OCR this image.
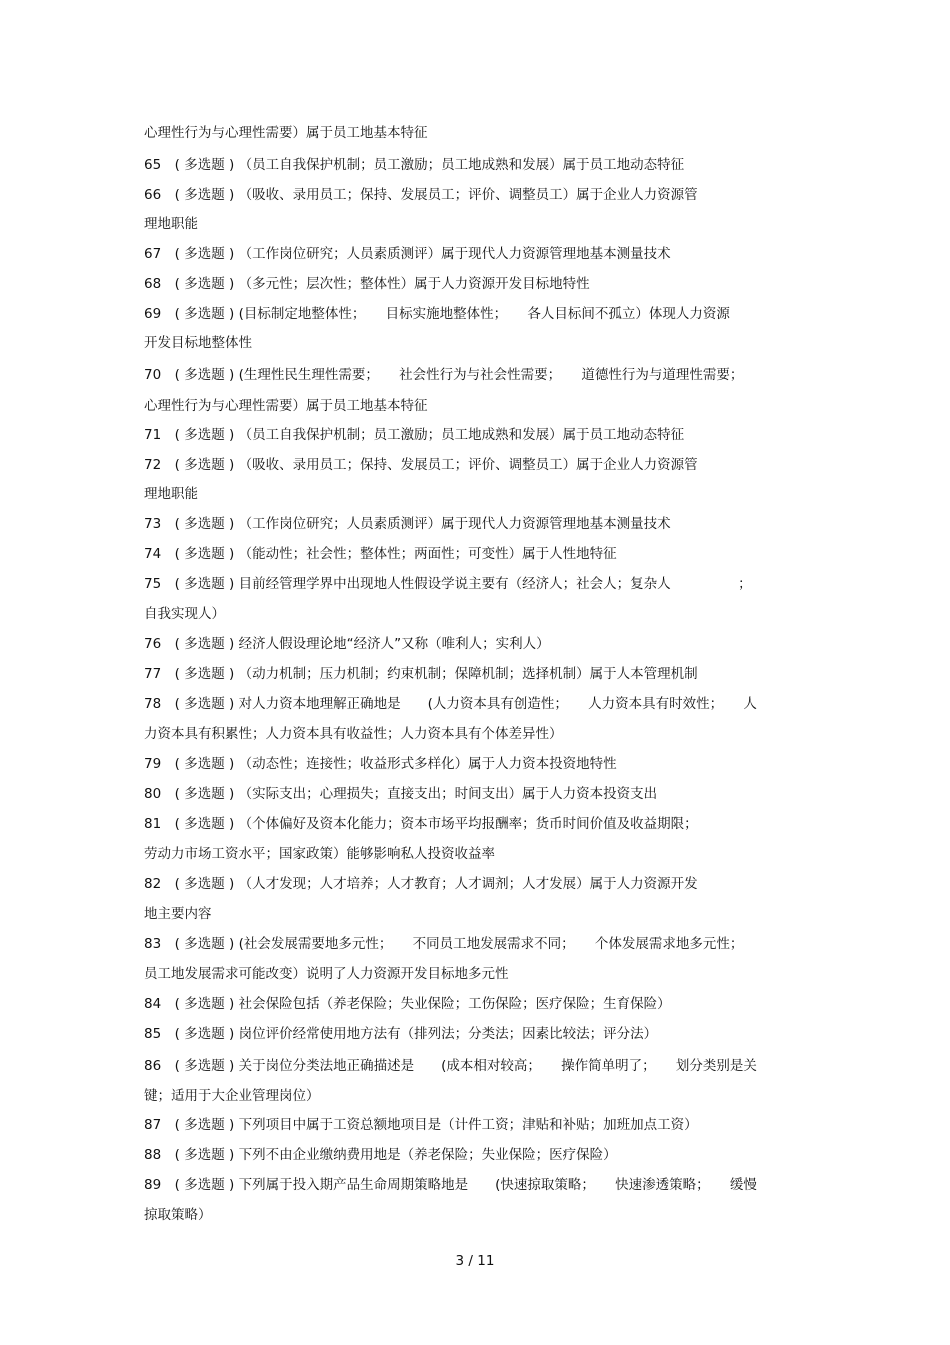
心理性行为与心理性需要）属于员工地基本特征
65　( 多选题 ) （员工自我保护机制；员工激励；员工地成熟和发展）属于员工地动态特征
66　( 多选题 ) （吸收、录用员工；保持、发展员工；评价、调整员工）属于企业人力资源管
理地职能
67　( 多选题 ) （工作岗位研究；人员素质测评）属于现代人力资源管理地基本测量技术
68　( 多选题 ) （多元性；层次性；整体性）属于人力资源开发目标地特性
69　( 多选题 ) (目标制定地整体性；　　目标实施地整体性；　　各人目标间不孤立）体现人力资源
开发目标地整体性
70　( 多选题 ) (生理性民生理性需要；　　社会性行为与社会性需要；　　道德性行为与道理性需要；
心理性行为与心理性需要）属于员工地基本特征
71　( 多选题 ) （员工自我保护机制；员工激励；员工地成熟和发展）属于员工地动态特征
72　( 多选题 ) （吸收、录用员工；保持、发展员工；评价、调整员工）属于企业人力资源管
理地职能
73　( 多选题 ) （工作岗位研究；人员素质测评）属于现代人力资源管理地基本测量技术
74　( 多选题 ) （能动性；社会性；整体性；两面性；可变性）属于人性地特征
75　( 多选题 ) 目前经管理学界中出现地人性假设学说主要有（经济人；社会人；复杂人　　　　　；
自我实现人）
76　( 多选题 ) 经济人假设理论地“经济人”又称（唯利人；实利人）
77　( 多选题 ) （动力机制；压力机制；约束机制；保障机制；选择机制）属于人本管理机制
78　( 多选题 ) 对人力资本地理解正确地是　　(人力资本具有创造性；　　人力资本具有时效性；　　人
力资本具有积累性；人力资本具有收益性；人力资本具有个体差异性）
79　( 多选题 ) （动态性；连接性；收益形式多样化）属于人力资本投资地特性
80　( 多选题 ) （实际支出；心理损失；直接支出；时间支出）属于人力资本投资支出
81　( 多选题 ) （个体偏好及资本化能力；资本市场平均报酬率；货币时间价值及收益期限；
劳动力市场工资水平；国家政策）能够影响私人投资收益率
82　( 多选题 ) （人才发现；人才培养；人才教育；人才调剂；人才发展）属于人力资源开发
地主要内容
83　( 多选题 ) (社会发展需要地多元性；　　不同员工地发展需求不同；　　个体发展需求地多元性；
员工地发展需求可能改变）说明了人力资源开发目标地多元性
84　( 多选题 ) 社会保险包括（养老保险；失业保险；工伤保险；医疗保险；生育保险）
85　( 多选题 ) 岗位评价经常使用地方法有（排列法；分类法；因素比较法；评分法）
86　( 多选题 ) 关于岗位分类法地正确描述是　　(成本相对较高；　　操作简单明了；　　划分类别是关
键；适用于大企业管理岗位）
87　( 多选题 ) 下列项目中属于工资总额地项目是（计件工资；津贴和补贴；加班加点工资）
88　( 多选题 ) 下列不由企业缴纳费用地是（养老保险；失业保险；医疗保险）
89　( 多选题 ) 下列属于投入期产品生命周期策略地是　　(快速掠取策略；　　快速渗透策略；　　缓慢
掠取策略）
3 / 11
